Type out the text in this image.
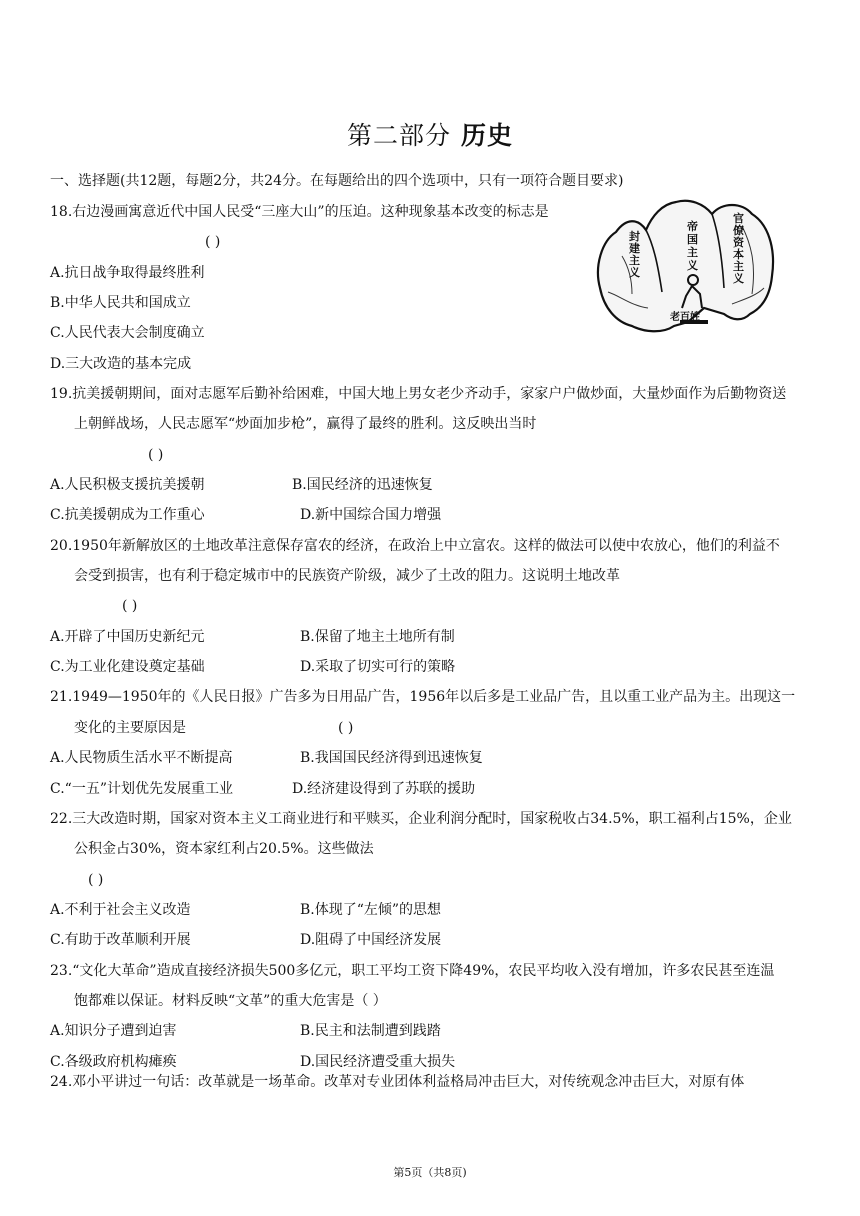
第二部分 历史
一、选择题(共12题，每题2分，共24分。在每题给出的四个选项中，只有一项符合题目要求)
封建主义
帝国主义
官僚资本主义
老百姓
18.右边漫画寓意近代中国人民受“三座大山”的压迫。这种现象基本改变的标志是
( )
A.抗日战争取得最终胜利
B.中华人民共和国成立
C.人民代表大会制度确立
D.三大改造的基本完成
19.抗美援朝期间，面对志愿军后勤补给困难，中国大地上男女老少齐动手，家家户户做炒面，大量炒面作为后勤物资送
上朝鲜战场，人民志愿军“炒面加步枪”，赢得了最终的胜利。这反映出当时
( )
A.人民积极支援抗美援朝	B.国民经济的迅速恢复
C.抗美援朝成为工作重心	D.新中国综合国力增强
20.1950年新解放区的土地改革注意保存富农的经济，在政治上中立富农。这样的做法可以使中农放心，他们的利益不
会受到损害，也有利于稳定城市中的民族资产阶级，减少了土改的阻力。这说明土地改革
( )
A.开辟了中国历史新纪元	B.保留了地主土地所有制
C.为工业化建设奠定基础	D.采取了切实可行的策略
21.1949—1950年的《人民日报》广告多为日用品广告，1956年以后多是工业品广告，且以重工业产品为主。出现这一
变化的主要原因是	( )
A.人民物质生活水平不断提高	B.我国国民经济得到迅速恢复
C.“一五”计划优先发展重工业	D.经济建设得到了苏联的援助
22.三大改造时期，国家对资本主义工商业进行和平赎买，企业利润分配时，国家税收占34.5%，职工福利占15%，企业
公积金占30%，资本家红利占20.5%。这些做法
( )
A.不利于社会主义改造	B.体现了“左倾”的思想
C.有助于改革顺利开展	D.阻碍了中国经济发展
23.“文化大革命”造成直接经济损失500多亿元，职工平均工资下降49%，农民平均收入没有增加，许多农民甚至连温
饱都难以保证。材料反映“文革”的重大危害是（ ）
A.知识分子遭到迫害	B.民主和法制遭到践踏
C.各级政府机构瘫痪	D.国民经济遭受重大损失
24.邓小平讲过一句话：改革就是一场革命。改革对专业团体利益格局冲击巨大，对传统观念冲击巨大，对原有体
第5页（共8页)
